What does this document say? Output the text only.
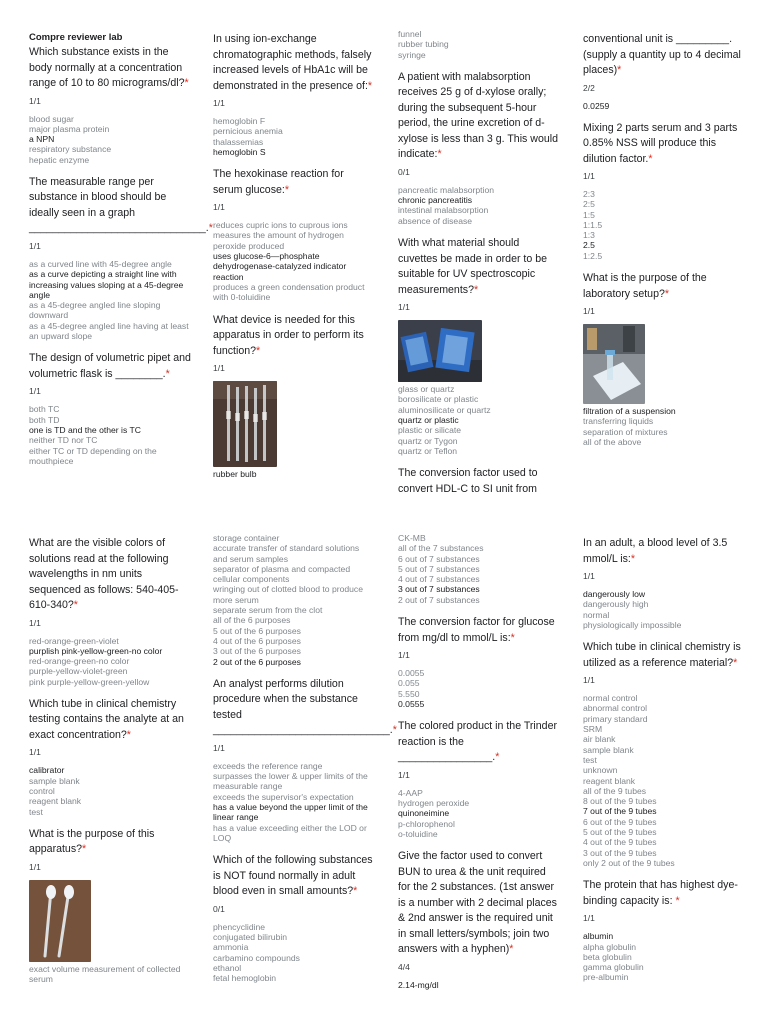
Compre reviewer lab
Which substance exists in the body normally at a concentration range of 10 to 80 micrograms/dl?*
1/1
blood sugar
major plasma protein
a NPN
respiratory substance
hepatic enzyme
The measurable range per substance in blood should be ideally seen in a graph ______________________________.*
1/1
as a curved line with 45-degree angle
as a curve depicting a straight line with increasing values sloping at a 45-degree angle
as a 45-degree angled line sloping downward
as a 45-degree angled line having at least an upward slope
The design of volumetric pipet and volumetric flask is ________.*
1/1
both TC
both TD
one is TD and the other is TC
neither TD nor TC
either TC or TD depending on the mouthpiece
In using ion-exchange chromatographic methods, falsely increased levels of HbA1c will be demonstrated in the presence of:*
1/1
hemoglobin F
pernicious anemia
thalassemias
hemoglobin S
The hexokinase reaction for serum glucose:*
1/1
reduces cupric ions to cuprous ions
measures the amount of hydrogen peroxide produced
uses glucose-6—phosphate dehydrogenase-catalyzed indicator reaction
produces a green condensation product with 0-toluidine
What device is needed for this apparatus in order to perform its function?*
1/1
rubber bulb
funnel
rubber tubing
syringe
A patient with malabsorption receives 25 g of d-xylose orally; during the subsequent 5-hour period, the urine excretion of d-xylose is less than 3 g. This would indicate:*
0/1
pancreatic malabsorption
chronic pancreatitis
intestinal malabsorption
absence of disease
With what material should cuvettes be made in order to be suitable for UV spectroscopic measurements?*
1/1
glass or quartz
borosilicate or plastic
aluminosilicate or quartz
quartz or plastic
plastic or silicate
quartz or Tygon
quartz or Teflon
The conversion factor used to convert HDL-C to SI unit from
conventional unit is _________. (supply a quantity up to 4 decimal places)*
2/2
0.0259
Mixing 2 parts serum and 3 parts 0.85% NSS will produce this dilution factor.*
1/1
2:3
2:5
1:5
1:1.5
1:3
2.5
1:2.5
What is the purpose of the laboratory setup?*
1/1
filtration of a suspension
transferring liquids
separation of mixtures
all of the above
What are the visible colors of solutions read at the following wavelengths in nm units sequenced as follows: 540-405-610-340?*
1/1
red-orange-green-violet
purplish pink-yellow-green-no color
red-orange-green-no color
purple-yellow-violet-green
pink purple-yellow-green-yellow
Which tube in clinical chemistry testing contains the analyte at an exact concentration?*
1/1
calibrator
sample blank
control
reagent blank
test
What is the purpose of this apparatus?*
1/1
exact volume measurement of collected serum
storage container
accurate transfer of standard solutions and serum samples
separator of plasma and compacted cellular components
wringing out of clotted blood to produce more serum
separate serum from the clot
all of the 6 purposes
5 out of the 6 purposes
4 out of the 6 purposes
3 out of the 6 purposes
2 out of the 6 purposes
An analyst performs dilution procedure when the substance tested ______________________________.*
1/1
exceeds the reference range
surpasses the lower & upper limits of the measurable range
exceeds the supervisor's expectation
has a value beyond the upper limit of the linear range
has a value exceeding either the LOD or LOQ
Which of the following substances is NOT found normally in adult blood even in small amounts?*
0/1
phencyclidine
conjugated bilirubin
ammonia
carbamino compounds
ethanol
fetal hemoglobin
CK-MB
all of the 7 substances
6 out of 7 substances
5 out of 7 substances
4 out of 7 substances
3 out of 7 substances
2 out of 7 substances
The conversion factor for glucose from mg/dl to mmol/L is:*
1/1
0.0055
0.055
5.550
0.0555
The colored product in the Trinder reaction is the ________________.*
1/1
4-AAP
hydrogen peroxide
quinoneimine
p-chlorophenol
o-toluidine
Give the factor used to convert BUN to urea & the unit required for the 2 substances. (1st answer is a number with 2 decimal places & 2nd answer is the required unit in small letters/symbols; join two answers with a hyphen)*
4/4
2.14-mg/dl
In an adult, a blood level of 3.5 mmol/L is:*
1/1
dangerously low
dangerously high
normal
physiologically impossible
Which tube in clinical chemistry is utilized as a reference material?*
1/1
normal control
abnormal control
primary standard
SRM
air blank
sample blank
test
unknown
reagent blank
all of the 9 tubes
8 out of the 9 tubes
7 out of the 9 tubes
6 out of the 9 tubes
5 out of the 9 tubes
4 out of the 9 tubes
3 out of the 9 tubes
only 2 out of the 9 tubes
The protein that has highest dye-binding capacity is: *
1/1
albumin
alpha globulin
beta globulin
gamma globulin
pre-albumin
